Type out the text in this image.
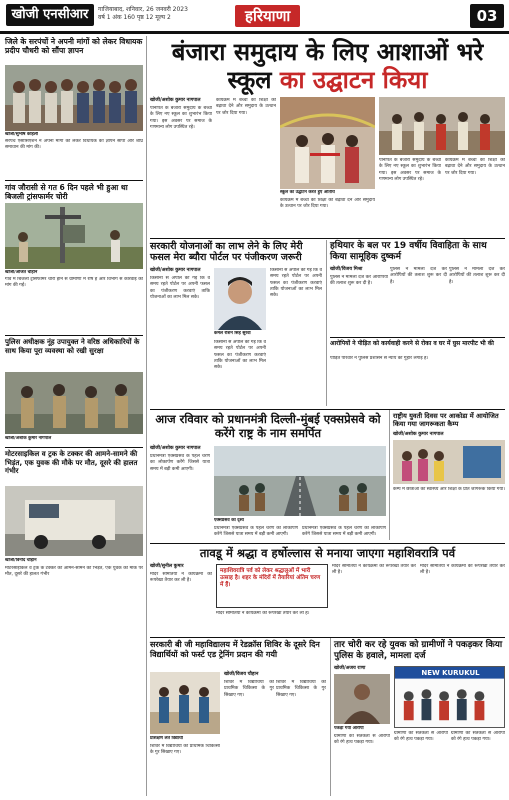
खोजी एनसीआर	गाजियाबाद, शनिवार, 26 जनवरी 2023
वर्ष 1 अंक 160 पृष्ठ 12 मूल्य 2	हरियाणा	03
जिले के सरपंचों ने अपनी मांगों को लेकर विधायक प्रदीप चौधरी को सौंपा ज्ञापन
खोजी/सुभाष कोहली
सरपंच एसोसिएशन ने अपनी मांगों को लेकर विधायक को ज्ञापन सौंपा और शीघ्र समाधान की मांग की।
गांव जौरासी से गत 6 दिन पहले भी हुआ था बिजली ट्रांसफार्मर चोरी
खोजी/अजित चौहान
गांव में बिजली ट्रांसफार्मर चोरी होने से ग्रामीणों में रोष है और विभाग से कार्रवाई की मांग की गई।
पुलिस अधीक्षक नूंह उपायुक्त ने वरिष्ठ अधिकारियों के साथ किया पूरा व्यवस्था को रखी सुरक्षा
खोजी/अशोक कुमार नागपाल
मोटरसाइकिल व ट्रक के टक्कर की आमने-सामने की भिड़ंत, एक युवक की मौके पर मौत, दूसरे की हालत गंभीर
खोजी/विनोद चौहान

मोटरसाइकिल व ट्रक के टक्कर की आमने-सामने की भिड़ंत, एक युवक की मौके पर मौत, दूसरे की हालत गंभीर

बंजारा समुदाय के लिए आशाओं भरे
स्कूल का उद्घाटन किया
खोजी/अशोक कुमार नागपाल
पानीपत के बंजारा समुदाय के बच्चों के लिए नए स्कूल का शुभारंभ किया गया। इस अवसर पर समाज के गणमान्य लोग उपस्थित रहे।
कार्यक्रम में बच्चों की शिक्षा को बढ़ावा देने और समुदाय के उत्थान पर जोर दिया गया।
स्कूल का उद्घाटन करते हुए अतिथि
कार्यक्रम में बच्चों की शिक्षा को बढ़ावा देने और समुदाय के उत्थान पर जोर दिया गया।
पानीपत के बंजारा समुदाय के बच्चों के लिए नए स्कूल का शुभारंभ किया गया। इस अवसर पर समाज के गणमान्य लोग उपस्थित रहे।
कार्यक्रम में बच्चों की शिक्षा को बढ़ावा देने और समुदाय के उत्थान पर जोर दिया गया।
सरकारी योजनाओं का लाभ लेने के लिए मेरी फसल मेरा ब्यौरा पोर्टल पर पंजीकरण जरूरी
खोजी/अशोक कुमार नागपाल
किसानों से अपील की गई कि वे समय रहते पोर्टल पर अपनी फसल का पंजीकरण करवाएं ताकि योजनाओं का लाभ मिल सके।
कमल रोशन सिंह सुरवा
किसानों से अपील की गई कि वे समय रहते पोर्टल पर अपनी फसल का पंजीकरण करवाएं ताकि योजनाओं का लाभ मिल सके।
किसानों से अपील की गई कि वे समय रहते पोर्टल पर अपनी फसल का पंजीकरण करवाएं ताकि योजनाओं का लाभ मिल सके।
हथियार के बल पर 19 वर्षीय विवाहिता के साथ किया सामूहिक दुष्कर्म
खोजी/विजय मिश्रा
पुलिस ने मामला दर्ज कर आरोपियों की तलाश शुरू कर दी है।
पुलिस ने मामला दर्ज कर आरोपियों की तलाश शुरू कर दी है।
पुलिस ने मामला दर्ज कर आरोपियों की तलाश शुरू कर दी है।
आरोपियों ने पीड़ित को कार्यवाही करने से रोका व घर में घुस मारपीट भी की
पीड़ित परिवार ने पुलिस प्रशासन से न्याय की गुहार लगाई है।
आज रविवार को प्रधानमंत्री दिल्ली-मुंबई एक्सप्रेसवे को करेंगे राष्ट्र के नाम समर्पित
खोजी/अशोक कुमार नागपाल
प्रधानमंत्री एक्सप्रेसवे के पहले चरण का लोकार्पण करेंगे जिससे यात्रा समय में बड़ी कमी आएगी।
एक्सप्रेसवे का दृश्य
प्रधानमंत्री एक्सप्रेसवे के पहले चरण का लोकार्पण करेंगे जिससे यात्रा समय में बड़ी कमी आएगी।
प्रधानमंत्री एक्सप्रेसवे के पहले चरण का लोकार्पण करेंगे जिससे यात्रा समय में बड़ी कमी आएगी।
राष्ट्रीय युवती दिवस पर आकोडा में आयोजित किया गया जागरूकता कैम्प
खोजी/अशोक कुमार नागपाल
कैम्प में छात्राओं को स्वास्थ्य और शिक्षा के प्रति जागरूक किया गया।
तावडू में श्रद्धा व हर्षोल्लास से मनाया जाएगा महाशिवरात्रि पर्व
खोजी/सुनील कुमार
मंदिर समितियों ने कार्यक्रमों की रूपरेखा तैयार कर ली है।
महाशिवरात्रि पर्व को लेकर श्रद्धालुओं में भारी उत्साह है। शहर के मंदिरों में तैयारियां अंतिम चरण में हैं।
मंदिर समितियों ने कार्यक्रमों की रूपरेखा तैयार कर ली है।
मंदिर समितियों ने कार्यक्रमों की रूपरेखा तैयार कर ली है।
मंदिर समितियों ने कार्यक्रमों की रूपरेखा तैयार कर ली है।
सरकारी बी जी महाविद्यालय में रेडक्रॉस शिविर के दूसरे दिन विद्यार्थियों को फर्स्ट एड ट्रेनिंग प्रदान की गयी
प्रशिक्षण लेते विद्यार्थी
खोजी/विजय चौहान
शिविर में विद्यार्थियों को प्राथमिक चिकित्सा के गुर सिखाए गए।
शिविर में विद्यार्थियों को प्राथमिक चिकित्सा के गुर सिखाए गए।
शिविर में विद्यार्थियों को प्राथमिक चिकित्सा के गुर सिखाए गए।
तार चोरी कर रहे युवक को ग्रामीणों ने पकड़कर किया पुलिस के हवाले, मामला दर्ज
खोजी/अजय राणा
पकड़ा गया आरोपी
ग्रामीणों की सतर्कता से आरोपी को रंगे हाथ पकड़ा गया।
NEW KURUKUL
ग्रामीणों की सतर्कता से आरोपी को रंगे हाथ पकड़ा गया।
ग्रामीणों की सतर्कता से आरोपी को रंगे हाथ पकड़ा गया।
